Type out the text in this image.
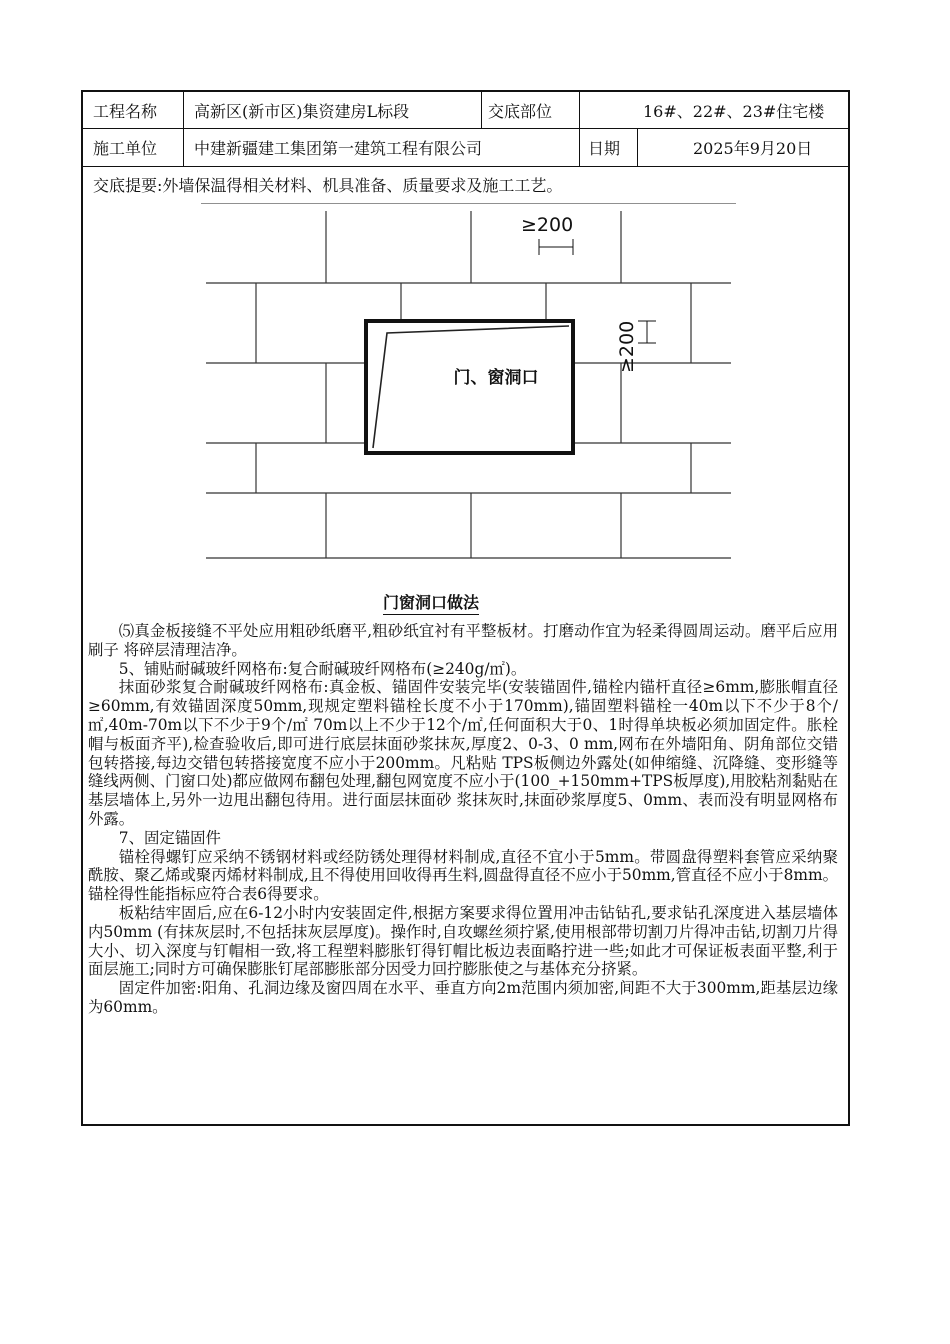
工程名称	高新区(新市区)集资建房L标段	交底部位	16#、22#、23#住宅楼
施工单位	中建新疆建工集团第一建筑工程有限公司	日期	2025年9月20日
交底提要:外墙保温得相关材料、机具准备、质量要求及施工工艺。
门、窗洞口
≥200
≥200
门窗洞口做法

⑸真金板接缝不平处应用粗砂纸磨平,粗砂纸宜衬有平整板材。打磨动作宜为轻柔得圆周运动。磨平后应用刷子 将碎层清理洁净。

5、铺贴耐碱玻纤网格布:复合耐碱玻纤网格布(≥240g/㎡)。

抹面砂浆复合耐碱玻纤网格布:真金板、锚固件安装完毕(安装锚固件,锚栓内锚杆直径≥6mm,膨胀帽直径≥60mm,有效锚固深度50mm,现规定塑料锚栓长度不小于170mm),锚固塑料锚栓一40m以下不少于8个/㎡,40m-70m以下不少于9个/㎡ 70m以上不少于12个/㎡,任何面积大于0、1时得单块板必须加固定件。胀栓帽与板面齐平),检查验收后,即可进行底层抹面砂浆抹灰,厚度2、0-3、0 mm,网布在外墙阳角、阴角部位交错包转搭接,每边交错包转搭接宽度不应小于200mm。凡粘贴 TPS板侧边外露处(如伸缩缝、沉降缝、变形缝等缝线两侧、门窗口处)都应做网布翻包处理,翻包网宽度不应小于(100_+150mm+TPS板厚度),用胶粘剂黏贴在基层墙体上,另外一边甩出翻包待用。进行面层抹面砂 浆抹灰时,抹面砂浆厚度5、0mm、表而没有明显网格布外露。

7、固定锚固件

锚栓得螺钉应采纳不锈钢材料或经防锈处理得材料制成,直径不宜小于5mm。带圆盘得塑料套管应采纳聚酰胺、聚乙烯或聚丙烯材料制成,且不得使用回收得再生料,圆盘得直径不应小于50mm,管直径不应小于8mm。锚栓得性能指标应符合表6得要求。

板粘结牢固后,应在6-12小时内安装固定件,根据方案要求得位置用冲击钻钻孔,要求钻孔深度进入基层墙体内50mm (有抹灰层时,不包括抹灰层厚度)。操作时,自攻螺丝须拧紧,使用根部带切割刀片得冲击钻,切割刀片得大小、切入深度与钉帽相一致,将工程塑料膨胀钉得钉帽比板边表面略拧进一些;如此才可保证板表面平整,利于面层施工;同时方可确保膨胀钉尾部膨胀部分因受力回拧膨胀使之与基体充分挤紧。

固定件加密:阳角、孔洞边缘及窗四周在水平、垂直方向2m范围内须加密,间距不大于300mm,距基层边缘为60mm。
